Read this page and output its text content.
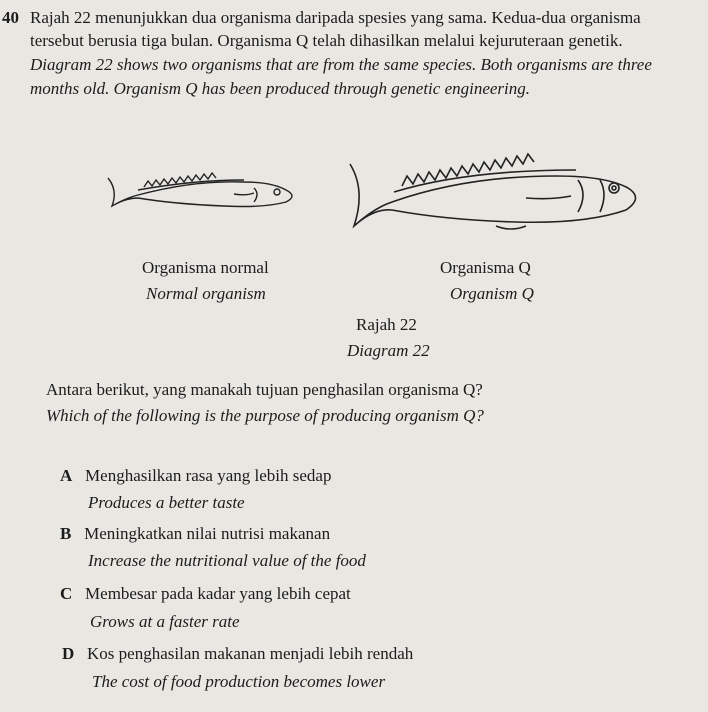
40 Rajah 22 menunjukkan dua organisma daripada spesies yang sama. Kedua-dua organisma
tersebut berusia tiga bulan. Organisma Q telah dihasilkan melalui kejuruteraan genetik.
Diagram 22 shows two organisms that are from the same species. Both organisms are three
months old. Organism Q has been produced through genetic engineering.
Organisma normal
Normal organism
Organisma Q
Organism Q
Rajah 22
Diagram 22
Antara berikut, yang manakah tujuan penghasilan organisma Q?
Which of the following is the purpose of producing organism Q?
A Menghasilkan rasa yang lebih sedap
Produces a better taste
B Meningkatkan nilai nutrisi makanan
Increase the nutritional value of the food
C Membesar pada kadar yang lebih cepat
Grows at a faster rate
D Kos penghasilan makanan menjadi lebih rendah
The cost of food production becomes lower
